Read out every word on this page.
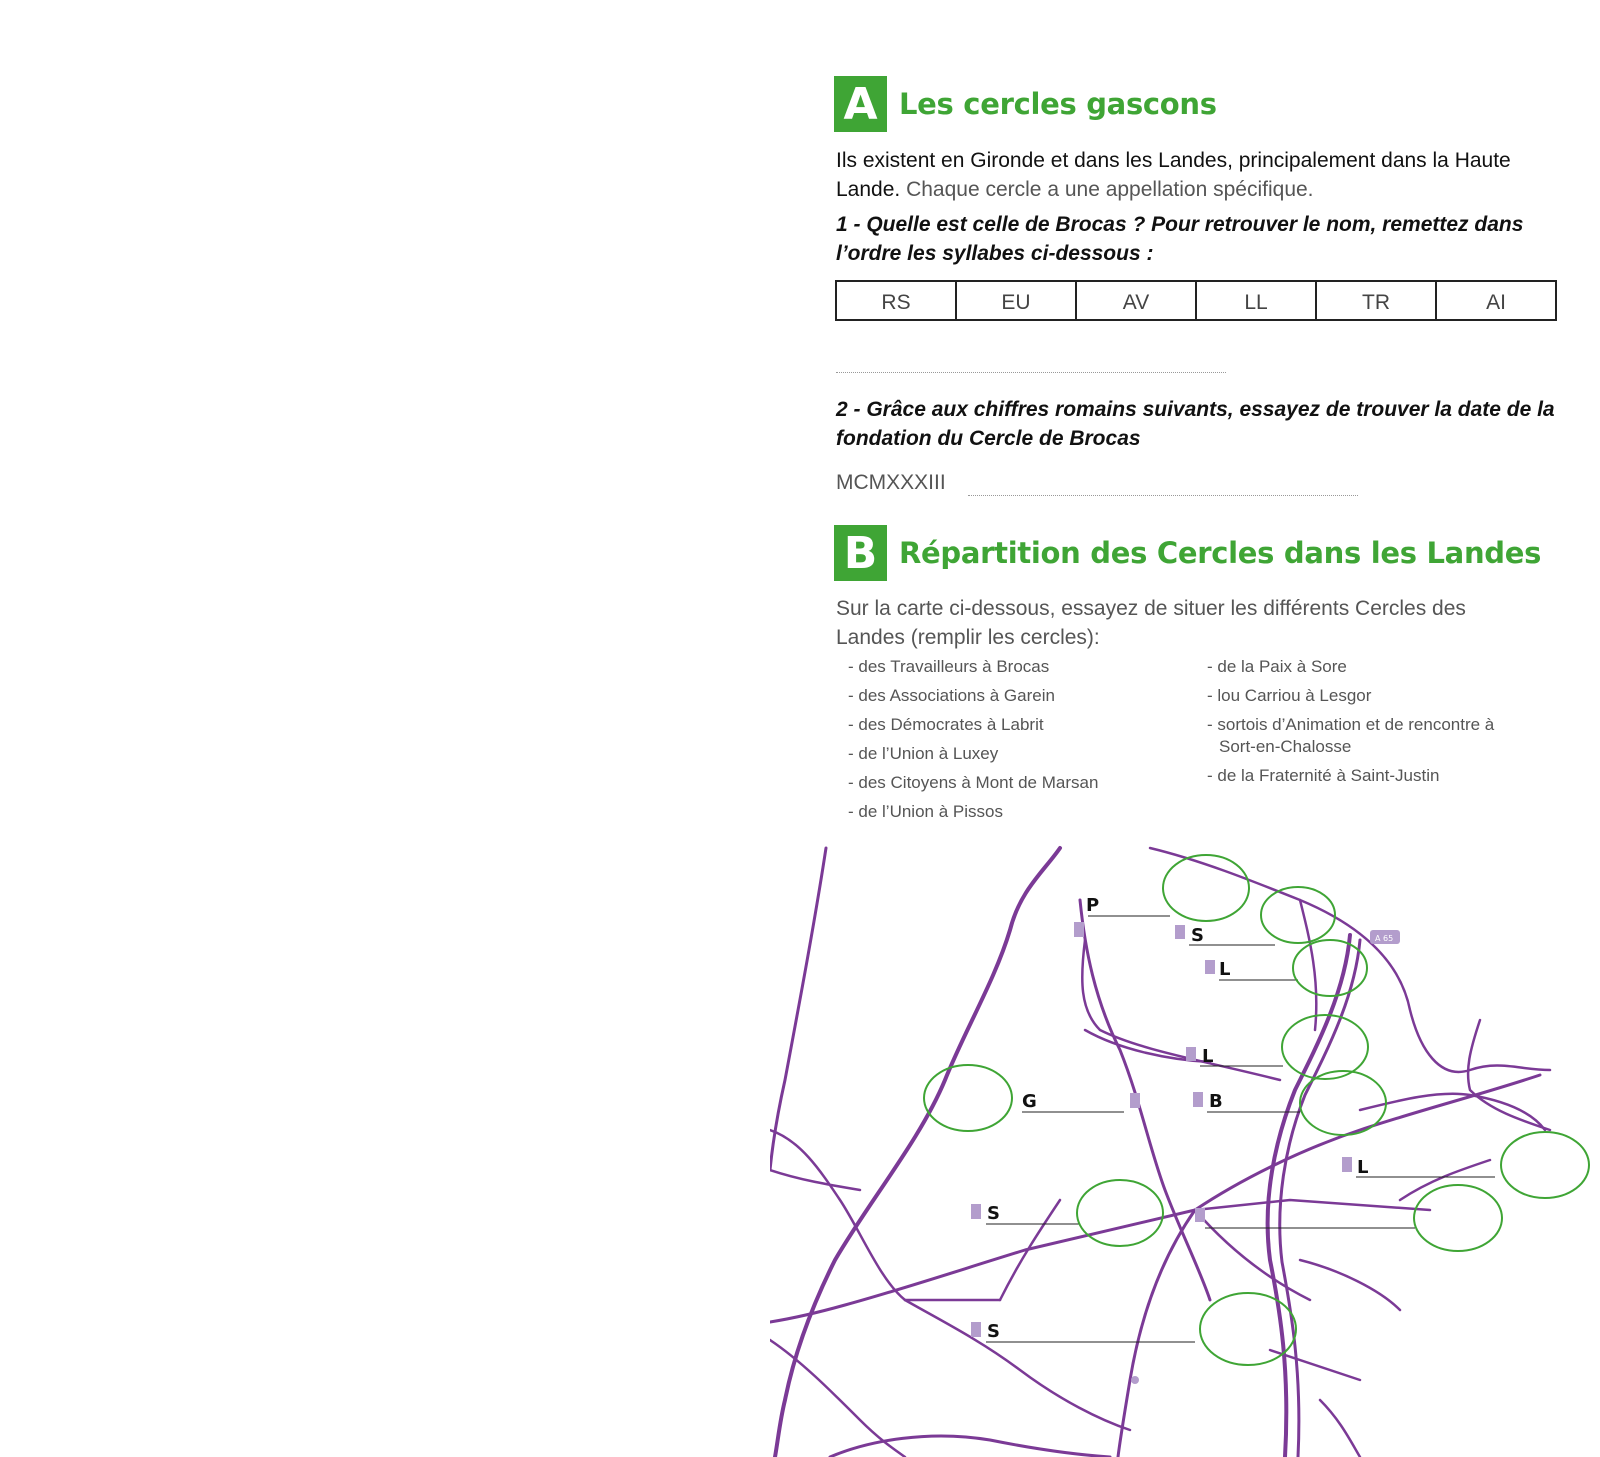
A Les cercles gascons
Ils existent en Gironde et dans les Landes, principalement dans la Haute Lande. Chaque cercle a une appellation spécifique.
1 - Quelle est celle de Brocas ? Pour retrouver le nom, remettez dans l’ordre les syllabes ci-dessous :
RS	EU	AV	LL	TR	AI
2 - Grâce aux chiffres romains suivants, essayez de trouver la date de la fondation du Cercle de Brocas
MCMXXXIII
B Répartition des Cercles dans les Landes
Sur la carte ci-dessous, essayez de situer les différents Cercles des Landes (remplir les cercles):
- des Travailleurs à Brocas
- des Associations à Garein
- des Démocrates à Labrit
- de l’Union à Luxey
- des Citoyens à Mont de Marsan
- de l’Union à Pissos
- de la Paix à Sore
- lou Carriou à Lesgor
- sortois d’Animation et de rencontre à Sort-en-Chalosse
- de la Fraternité à Saint-Justin
A 65
P
S
L
L
B
G
S
L
S
